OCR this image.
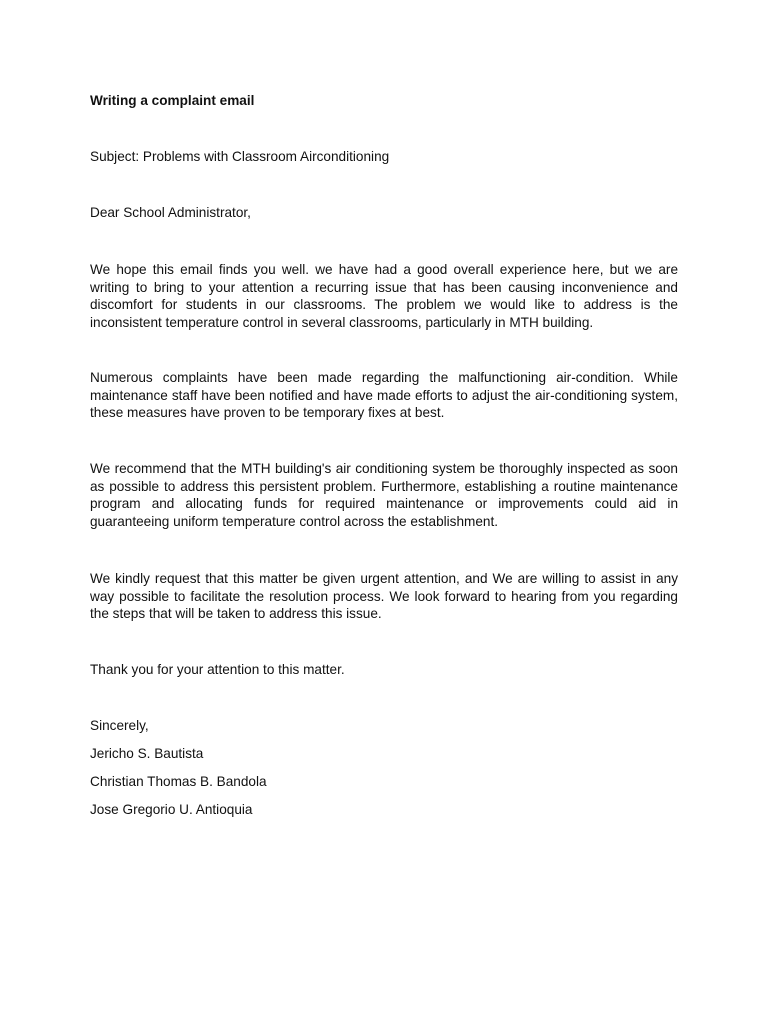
Writing a complaint email
Subject: Problems with Classroom Airconditioning
Dear School Administrator,

We hope this email finds you well. we have had a good overall experience here, but we are writing to bring to your attention a recurring issue that has been causing inconvenience and discomfort for students in our classrooms. The problem we would like to address is the inconsistent temperature control in several classrooms, particularly in MTH building.

Numerous complaints have been made regarding the malfunctioning air-condition. While maintenance staff have been notified and have made efforts to adjust the air-conditioning system, these measures have proven to be temporary fixes at best.

We recommend that the MTH building's air conditioning system be thoroughly inspected as soon as possible to address this persistent problem. Furthermore, establishing a routine maintenance program and allocating funds for required maintenance or improvements could aid in guaranteeing uniform temperature control across the establishment.

We kindly request that this matter be given urgent attention, and We are willing to assist in any way possible to facilitate the resolution process. We look forward to hearing from you regarding the steps that will be taken to address this issue.

Thank you for your attention to this matter.
Sincerely,
Jericho S. Bautista
Christian Thomas B. Bandola
Jose Gregorio U. Antioquia
